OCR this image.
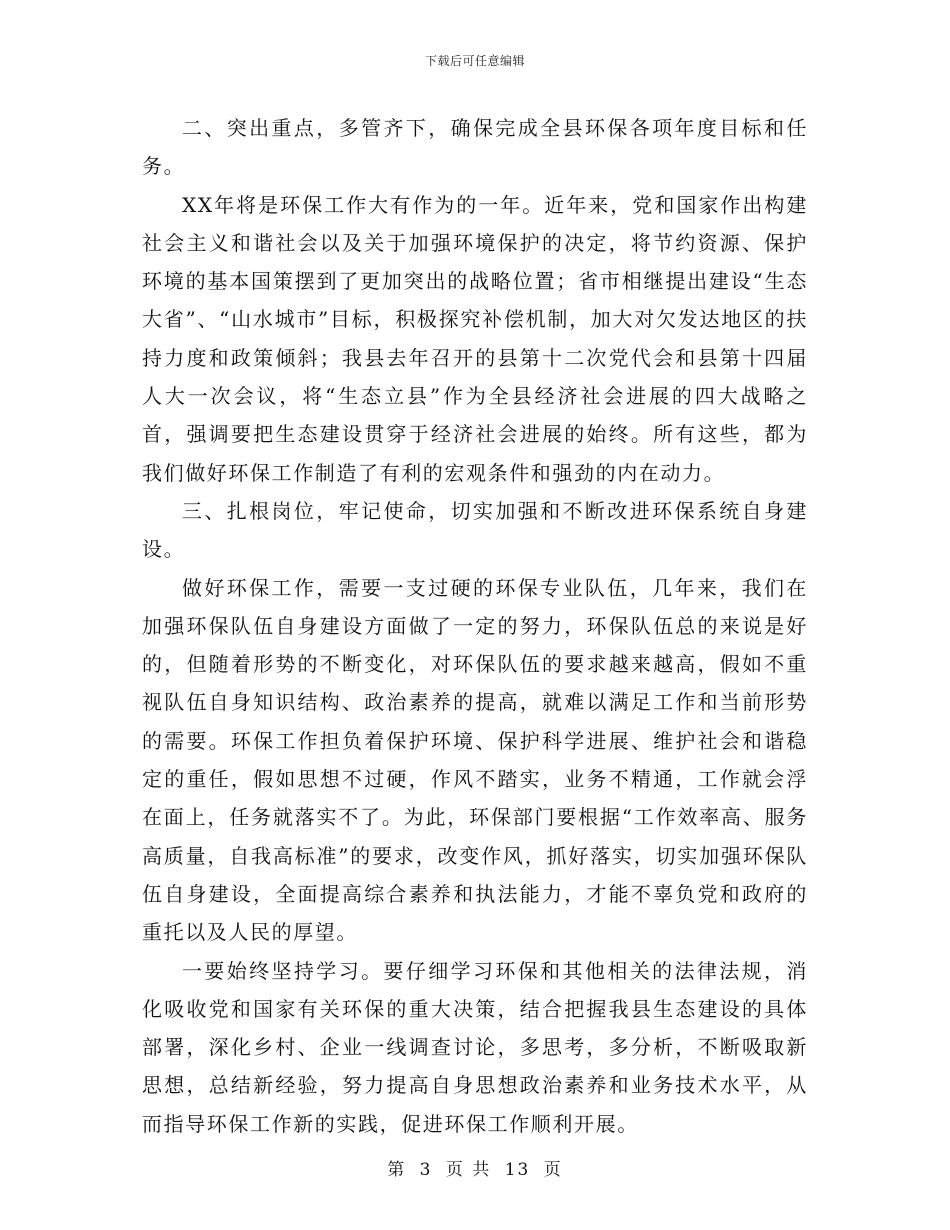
下载后可任意编辑

二、突出重点，多管齐下，确保完成全县环保各项年度目标和任务。

XX年将是环保工作大有作为的一年。近年来，党和国家作出构建社会主义和谐社会以及关于加强环境保护的决定，将节约资源、保护环境的基本国策摆到了更加突出的战略位置；省市相继提出建设“生态大省”、“山水城市”目标，积极探究补偿机制，加大对欠发达地区的扶持力度和政策倾斜；我县去年召开的县第十二次党代会和县第十四届人大一次会议，将“生态立县”作为全县经济社会进展的四大战略之首，强调要把生态建设贯穿于经济社会进展的始终。所有这些，都为我们做好环保工作制造了有利的宏观条件和强劲的内在动力。

三、扎根岗位，牢记使命，切实加强和不断改进环保系统自身建设。

做好环保工作，需要一支过硬的环保专业队伍，几年来，我们在加强环保队伍自身建设方面做了一定的努力，环保队伍总的来说是好的，但随着形势的不断变化，对环保队伍的要求越来越高，假如不重视队伍自身知识结构、政治素养的提高，就难以满足工作和当前形势的需要。环保工作担负着保护环境、保护科学进展、维护社会和谐稳定的重任，假如思想不过硬，作风不踏实，业务不精通，工作就会浮在面上，任务就落实不了。为此，环保部门要根据“工作效率高、服务高质量，自我高标准”的要求，改变作风，抓好落实，切实加强环保队伍自身建设，全面提高综合素养和执法能力，才能不辜负党和政府的重托以及人民的厚望。

一要始终坚持学习。要仔细学习环保和其他相关的法律法规，消化吸收党和国家有关环保的重大决策，结合把握我县生态建设的具体部署，深化乡村、企业一线调查讨论，多思考，多分析，不断吸取新思想，总结新经验，努力提高自身思想政治素养和业务技术水平，从而指导环保工作新的实践，促进环保工作顺利开展。

第 3 页 共 13 页
